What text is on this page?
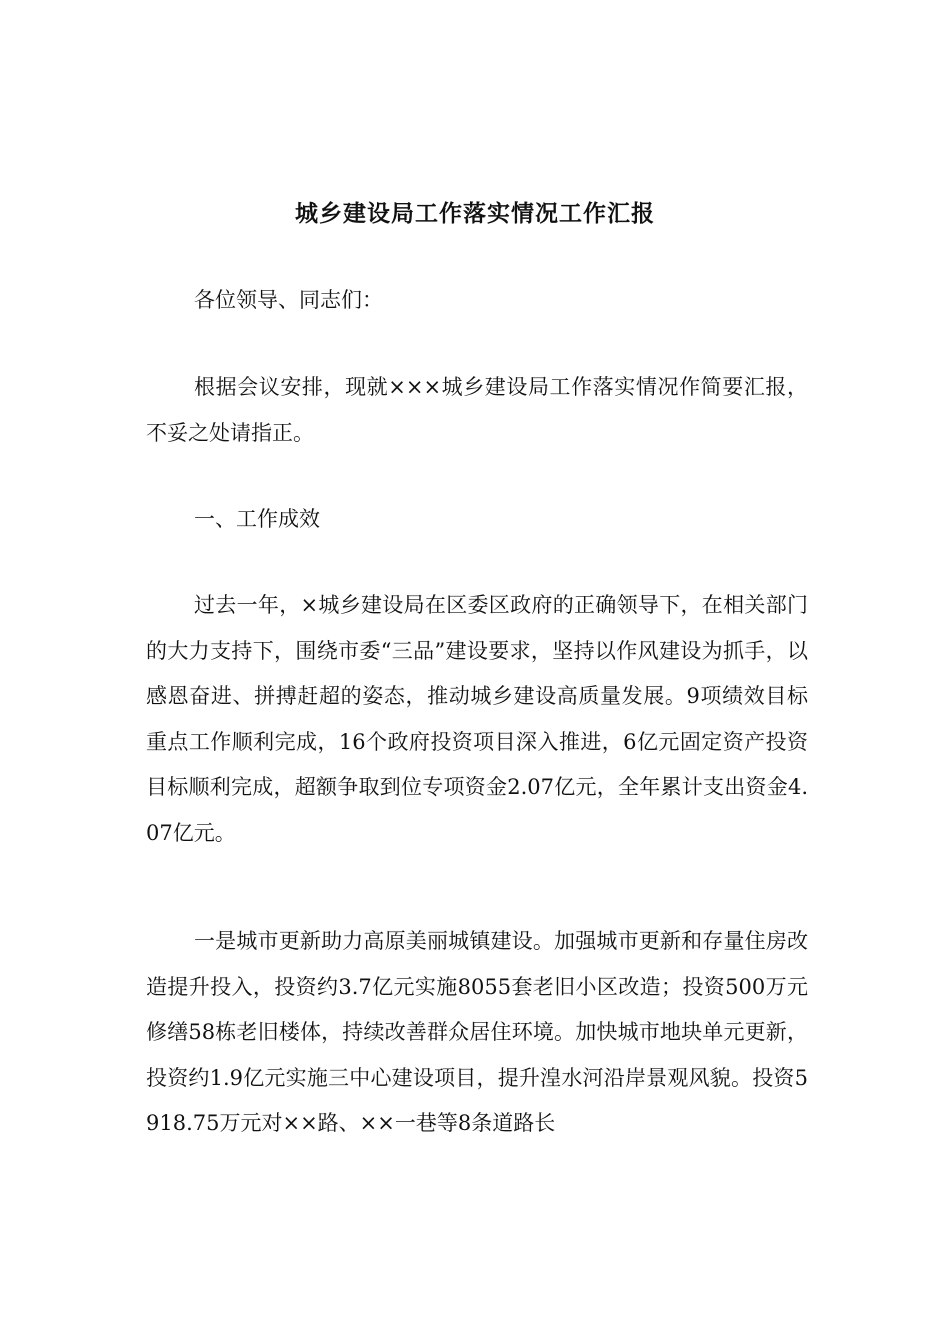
城乡建设局工作落实情况工作汇报

各位领导、同志们：

根据会议安排，现就×××城乡建设局工作落实情况作简要汇报，不妥之处请指正。

一、工作成效

过去一年，×城乡建设局在区委区政府的正确领导下，在相关部门的大力支持下，围绕市委“三品”建设要求，坚持以作风建设为抓手，以感恩奋进、拼搏赶超的姿态，推动城乡建设高质量发展。9项绩效目标重点工作顺利完成，16个政府投资项目深入推进，6亿元固定资产投资目标顺利完成，超额争取到位专项资金2.07亿元，全年累计支出资金4.07亿元。

一是城市更新助力高原美丽城镇建设。加强城市更新和存量住房改造提升投入，投资约3.7亿元实施8055套老旧小区改造；投资500万元修缮58栋老旧楼体，持续改善群众居住环境。加快城市地块单元更新，投资约1.9亿元实施三中心建设项目，提升湟水河沿岸景观风貌。投资5918.75万元对××路、××一巷等8条道路长
